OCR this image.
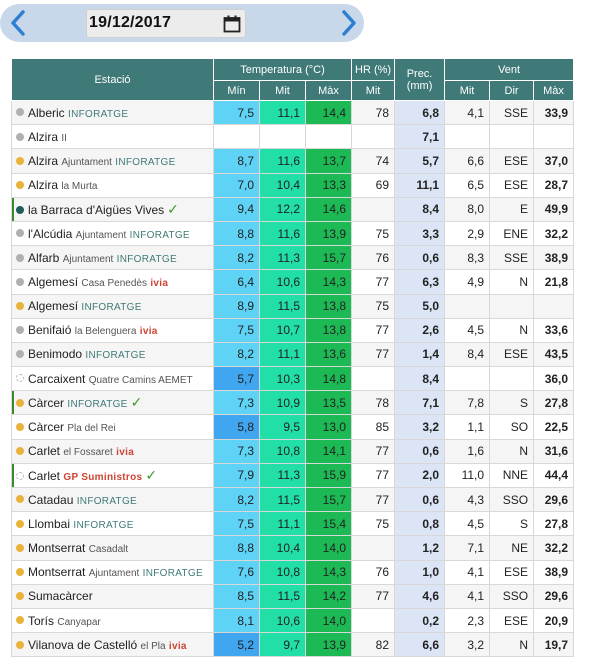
19/12/2017
Estació	Temperatura (°C)			HR (%)	Prec.
(mm)	Vent		
	Mín	Mit	Màx	Mit		Mit	Dir	Màx
Alberic INFORATGE	7,5	11,1	14,4	78	6,8	4,1	SSE	33,9
Alzira II					7,1			
Alzira Ajuntament INFORATGE	8,7	11,6	13,7	74	5,7	6,6	ESE	37,0
Alzira la Murta	7,0	10,4	13,3	69	11,1	6,5	ESE	28,7
la Barraca d'Aigües Vives ✓	9,4	12,2	14,6		8,4	8,0	E	49,9
l'Alcúdia Ajuntament INFORATGE	8,8	11,6	13,9	75	3,3	2,9	ENE	32,2
Alfarb Ajuntament INFORATGE	8,2	11,3	15,7	76	0,6	8,3	SSE	38,9
Algemesí Casa Penedès ivia	6,4	10,6	14,3	77	6,3	4,9	N	21,8
Algemesí INFORATGE	8,9	11,5	13,8	75	5,0			
Benifaió la Belenguera ivia	7,5	10,7	13,8	77	2,6	4,5	N	33,6
Benimodo INFORATGE	8,2	11,1	13,6	77	1,4	8,4	ESE	43,5
Carcaixent Quatre Camins AEMET	5,7	10,3	14,8		8,4			36,0
Càrcer INFORATGE ✓	7,3	10,9	13,5	78	7,1	7,8	S	27,8
Càrcer Pla del Rei	5,8	9,5	13,0	85	3,2	1,1	SO	22,5
Carlet el Fossaret ivia	7,3	10,8	14,1	77	0,6	1,6	N	31,6
Carlet GP Suministros ✓	7,9	11,3	15,9	77	2,0	11,0	NNE	44,4
Catadau INFORATGE	8,2	11,5	15,7	77	0,6	4,3	SSO	29,6
Llombai INFORATGE	7,5	11,1	15,4	75	0,8	4,5	S	27,8
Montserrat Casadalt	8,8	10,4	14,0		1,2	7,1	NE	32,2
Montserrat Ajuntament INFORATGE	7,6	10,8	14,3	76	1,0	4,1	ESE	38,9
Sumacàrcer	8,5	11,5	14,2	77	4,6	4,1	SSO	29,6
Torís Canyapar	8,1	10,6	14,0		0,2	2,3	ESE	20,9
Vilanova de Castelló el Pla ivia	5,2	9,7	13,9	82	6,6	3,2	N	19,7
